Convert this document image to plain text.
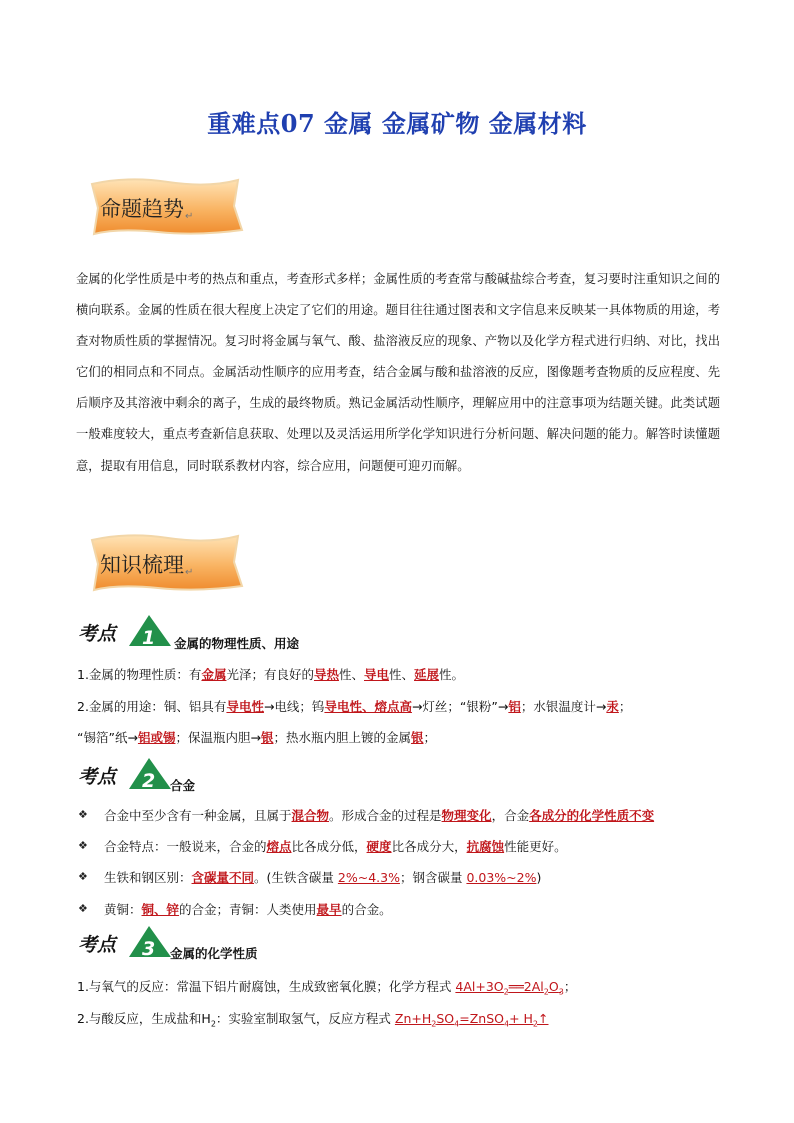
重难点07 金属 金属矿物 金属材料
命题趋势↵
金属的化学性质是中考的热点和重点，考查形式多样；金属性质的考查常与酸碱盐综合考查，复习要时注重知识之间的横向联系。金属的性质在很大程度上决定了它们的用途。题目往往通过图表和文字信息来反映某一具体物质的用途，考查对物质性质的掌握情况。复习时将金属与氧气、酸、盐溶液反应的现象、产物以及化学方程式进行归纳、对比，找出它们的相同点和不同点。金属活动性顺序的应用考查，结合金属与酸和盐溶液的反应，图像题考查物质的反应程度、先后顺序及其溶液中剩余的离子，生成的最终物质。熟记金属活动性顺序，理解应用中的注意事项为结题关键。此类试题一般难度较大，重点考查新信息获取、处理以及灵活运用所学化学知识进行分析问题、解决问题的能力。解答时读懂题意，提取有用信息，同时联系教材内容，综合应用，问题便可迎刃而解。
知识梳理↵
考点 1 金属的物理性质、用途
1.金属的物理性质：有金属光泽；有良好的导热性、导电性、延展性。
2.金属的用途：铜、铝具有导电性→电线；钨导电性、熔点高→灯丝；“银粉”→铝；水银温度计→汞；
“锡箔”纸→铝或锡；保温瓶内胆→银；热水瓶内胆上镀的金属银；
考点 2 合金
❖ 合金中至少含有一种金属，且属于混合物。形成合金的过程是物理变化，合金各成分的化学性质不变
❖ 合金特点：一般说来，合金的熔点比各成分低，硬度比各成分大，抗腐蚀性能更好。
❖ 生铁和钢区别：含碳量不同。(生铁含碳量 2%~4.3%；钢含碳量 0.03%~2%)
❖ 黄铜：铜、锌的合金；青铜：人类使用最早的合金。
考点 3 金属的化学性质
1.与氧气的反应：常温下铝片耐腐蚀，生成致密氧化膜；化学方程式 $4Al+3O_2══2Al_2O_3$；
2.与酸反应，生成盐和$H_2$：实验室制取氢气，反应方程式 $Zn+H_2SO_4=ZnSO_4+$ $H_2↑$
